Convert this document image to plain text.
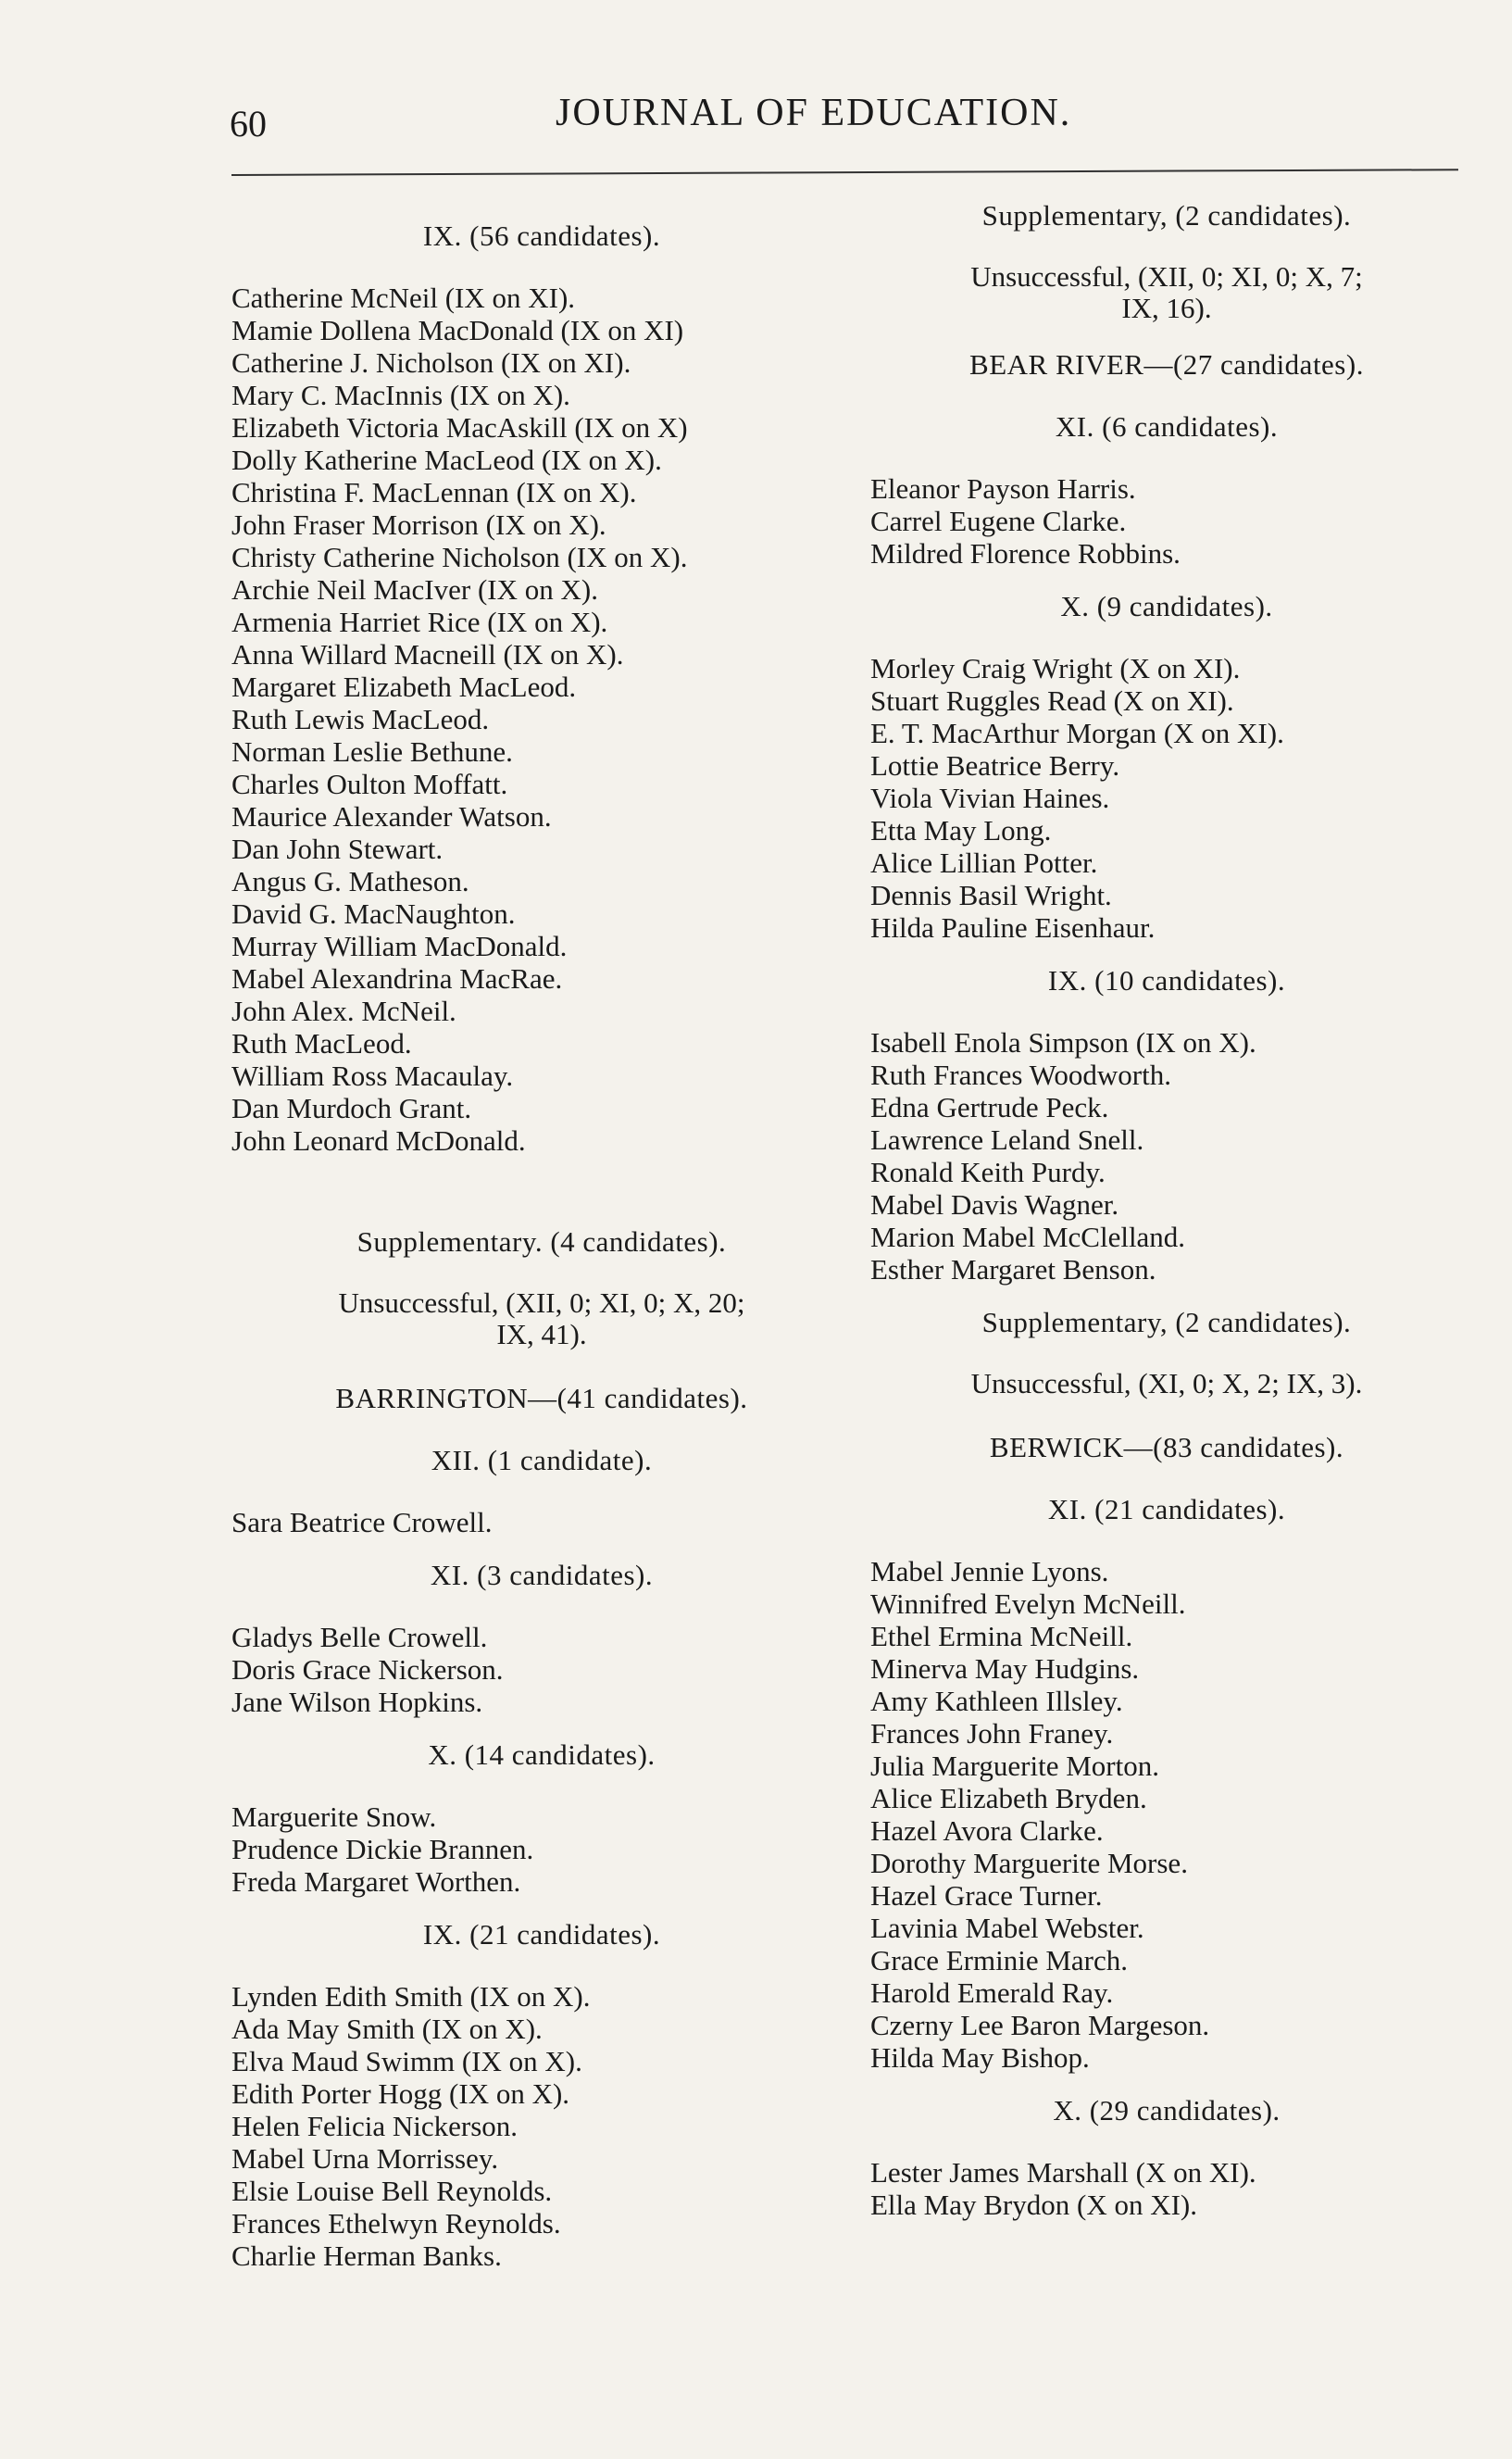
60	JOURNAL OF EDUCATION.
IX. (56 candidates).
Catherine McNeil (IX on XI).
Mamie Dollena MacDonald (IX on XI)
Catherine J. Nicholson (IX on XI).
Mary C. MacInnis (IX on X).
Elizabeth Victoria MacAskill (IX on X)
Dolly Katherine MacLeod (IX on X).
Christina F. MacLennan (IX on X).
John Fraser Morrison (IX on X).
Christy Catherine Nicholson (IX on X).
Archie Neil MacIver (IX on X).
Armenia Harriet Rice (IX on X).
Anna Willard Macneill (IX on X).
Margaret Elizabeth MacLeod.
Ruth Lewis MacLeod.
Norman Leslie Bethune.
Charles Oulton Moffatt.
Maurice Alexander Watson.
Dan John Stewart.
Angus G. Matheson.
David G. MacNaughton.
Murray William MacDonald.
Mabel Alexandrina MacRae.
John Alex. McNeil.
Ruth MacLeod.
William Ross Macaulay.
Dan Murdoch Grant.
John Leonard McDonald.
Supplementary. (4 candidates).
Unsuccessful, (XII, 0; XI, 0; X, 20;
IX, 41).
BARRINGTON—(41 candidates).
XII. (1 candidate).
Sara Beatrice Crowell.
XI. (3 candidates).
Gladys Belle Crowell.
Doris Grace Nickerson.
Jane Wilson Hopkins.
X. (14 candidates).
Marguerite Snow.
Prudence Dickie Brannen.
Freda Margaret Worthen.
IX. (21 candidates).
Lynden Edith Smith (IX on X).
Ada May Smith (IX on X).
Elva Maud Swimm (IX on X).
Edith Porter Hogg (IX on X).
Helen Felicia Nickerson.
Mabel Urna Morrissey.
Elsie Louise Bell Reynolds.
Frances Ethelwyn Reynolds.
Charlie Herman Banks.
Supplementary, (2 candidates).
Unsuccessful, (XII, 0; XI, 0; X, 7;
IX, 16).
BEAR RIVER—(27 candidates).
XI. (6 candidates).
Eleanor Payson Harris.
Carrel Eugene Clarke.
Mildred Florence Robbins.
X. (9 candidates).
Morley Craig Wright (X on XI).
Stuart Ruggles Read (X on XI).
E. T. MacArthur Morgan (X on XI).
Lottie Beatrice Berry.
Viola Vivian Haines.
Etta May Long.
Alice Lillian Potter.
Dennis Basil Wright.
Hilda Pauline Eisenhaur.
IX. (10 candidates).
Isabell Enola Simpson (IX on X).
Ruth Frances Woodworth.
Edna Gertrude Peck.
Lawrence Leland Snell.
Ronald Keith Purdy.
Mabel Davis Wagner.
Marion Mabel McClelland.
Esther Margaret Benson.
Supplementary, (2 candidates).
Unsuccessful, (XI, 0; X, 2; IX, 3).
BERWICK—(83 candidates).
XI. (21 candidates).
Mabel Jennie Lyons.
Winnifred Evelyn McNeill.
Ethel Ermina McNeill.
Minerva May Hudgins.
Amy Kathleen Illsley.
Frances John Franey.
Julia Marguerite Morton.
Alice Elizabeth Bryden.
Hazel Avora Clarke.
Dorothy Marguerite Morse.
Hazel Grace Turner.
Lavinia Mabel Webster.
Grace Erminie March.
Harold Emerald Ray.
Czerny Lee Baron Margeson.
Hilda May Bishop.
X. (29 candidates).
Lester James Marshall (X on XI).
Ella May Brydon (X on XI).
